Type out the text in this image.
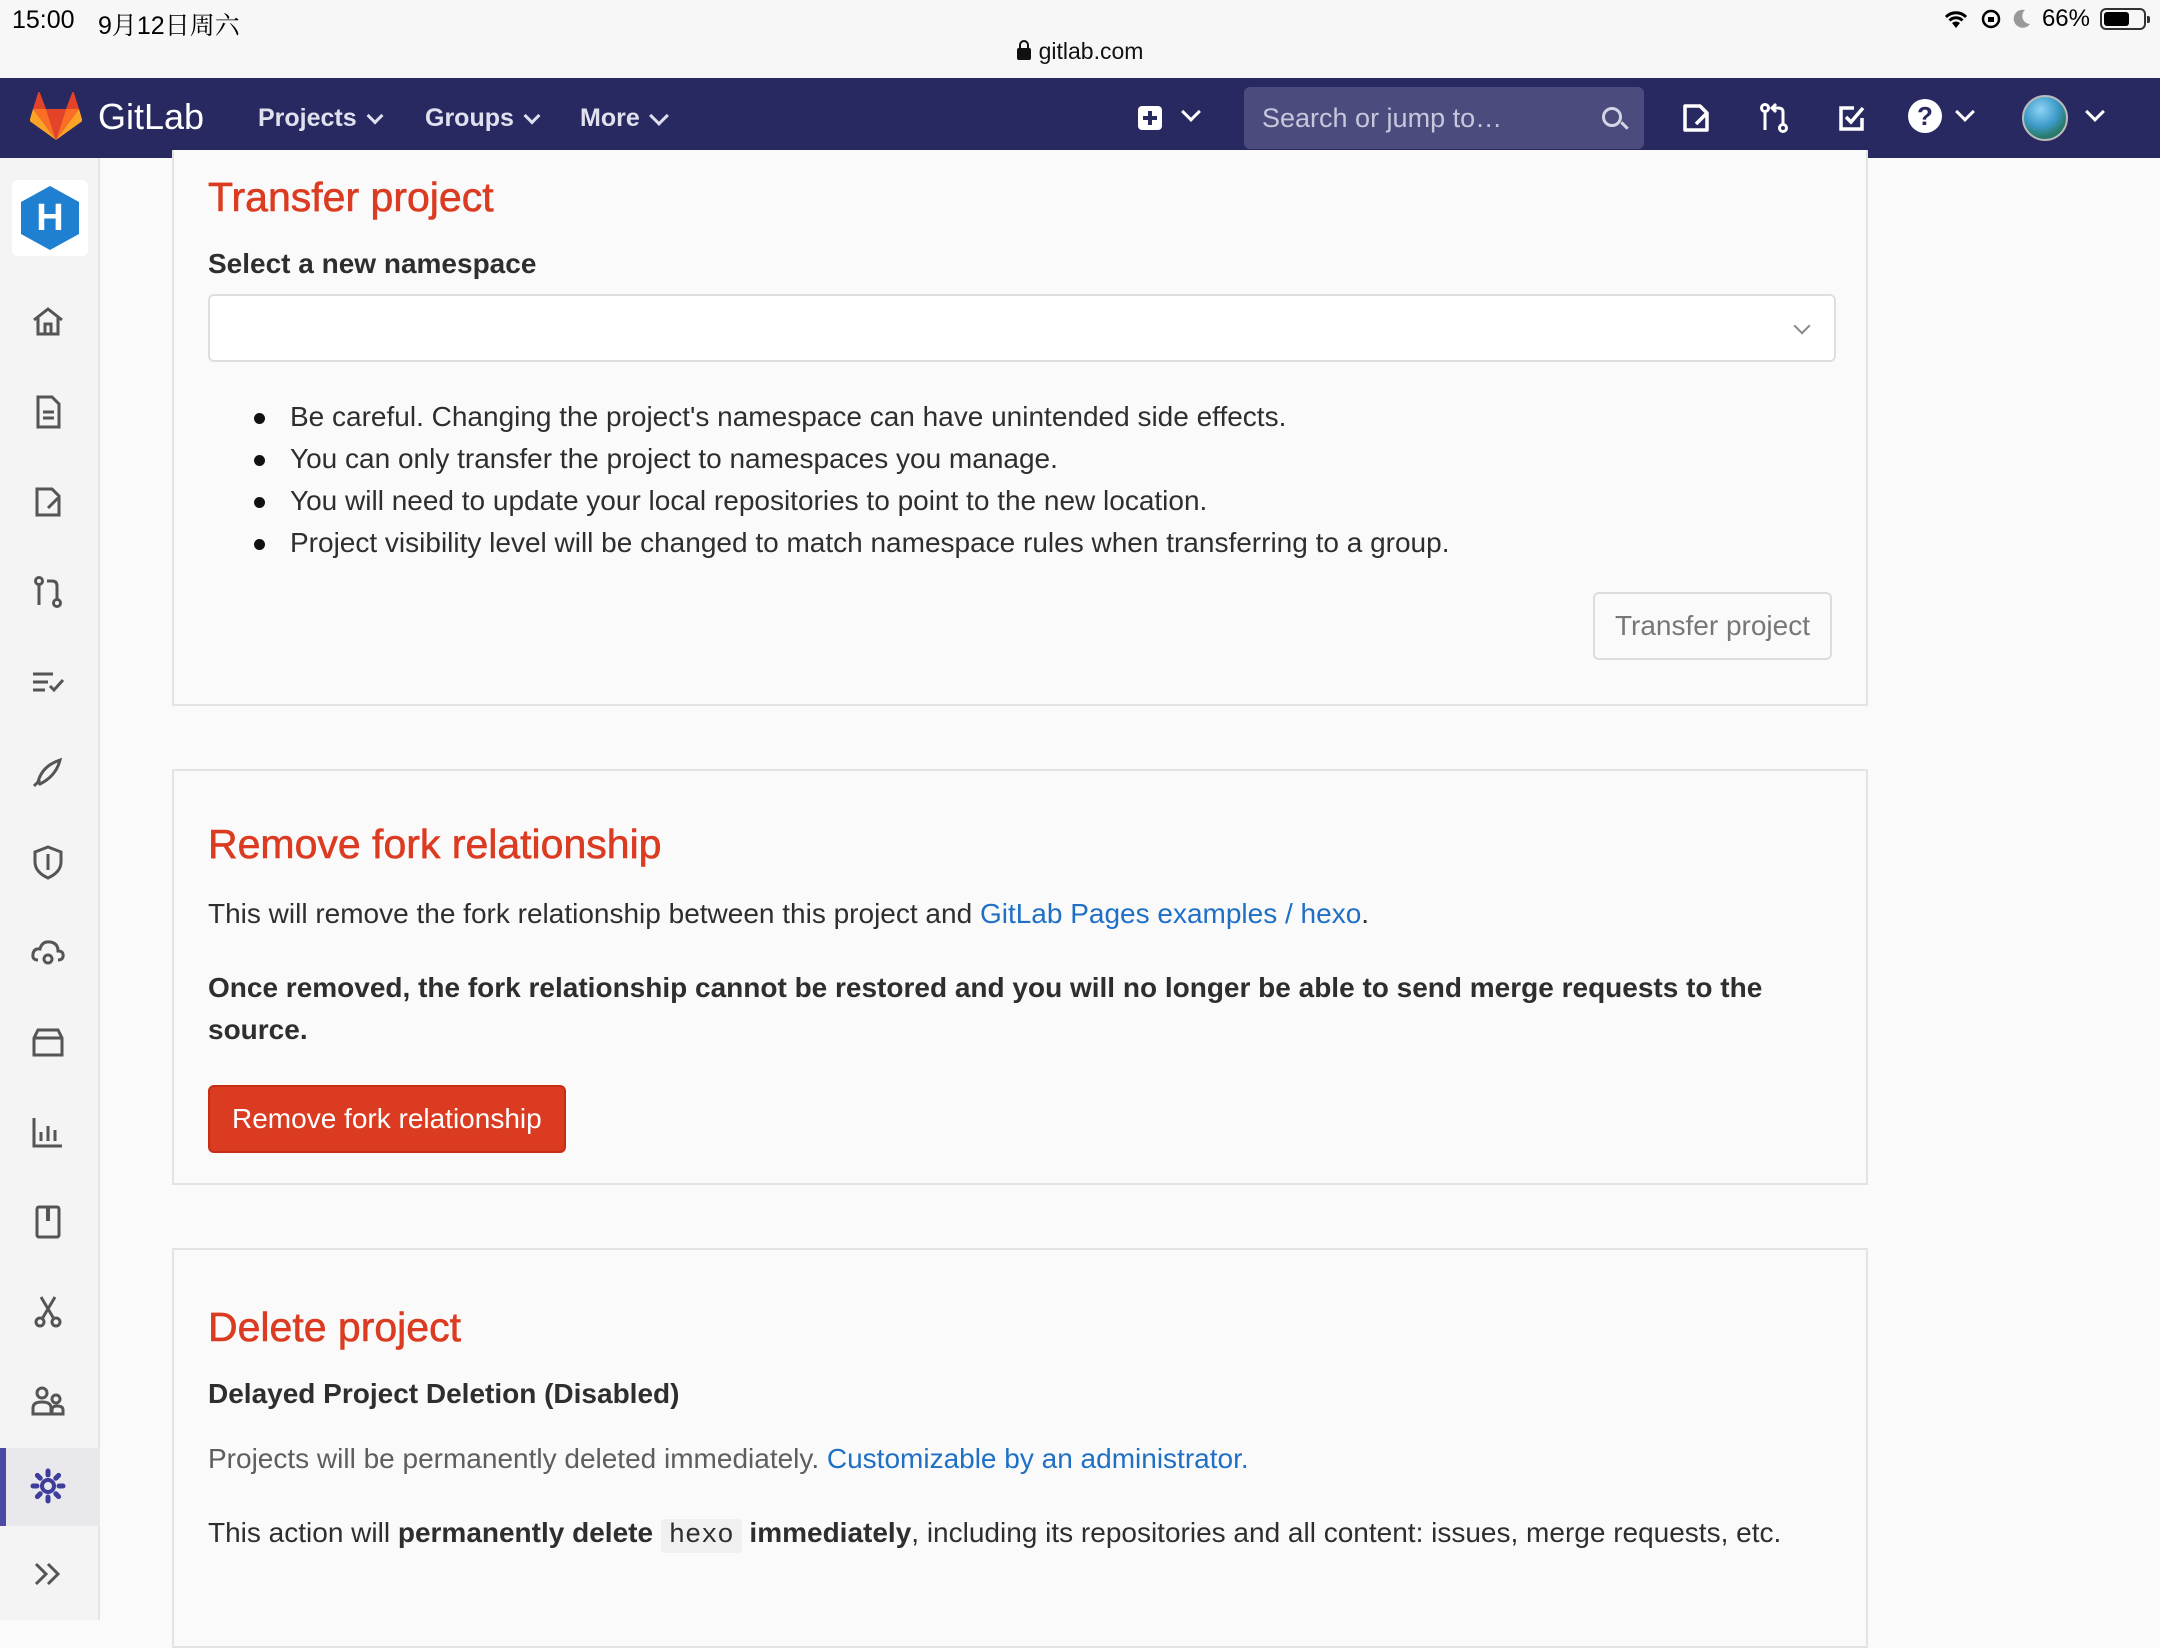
15:00 9月12日周六
gitlab.com
66%
GitLab Projects	Groups	More
Search or jump to…	?
H	Transfer project
Select a new namespace
Be careful. Changing the project's namespace can have unintended side effects.
You can only transfer the project to namespaces you manage.
You will need to update your local repositories to point to the new location.
Project visibility level will be changed to match namespace rules when transferring to a group.
Transfer project
Remove fork relationship

This will remove the fork relationship between this project and GitLab Pages examples / hexo.

Once removed, the fork relationship cannot be restored and you will no longer be able to send merge requests to the source.

Remove fork relationship
Delete project
Delayed Project Deletion (Disabled)

Projects will be permanently deleted immediately. Customizable by an administrator.

This action will permanently delete hexo immediately, including its repositories and all content: issues, merge requests, etc.
